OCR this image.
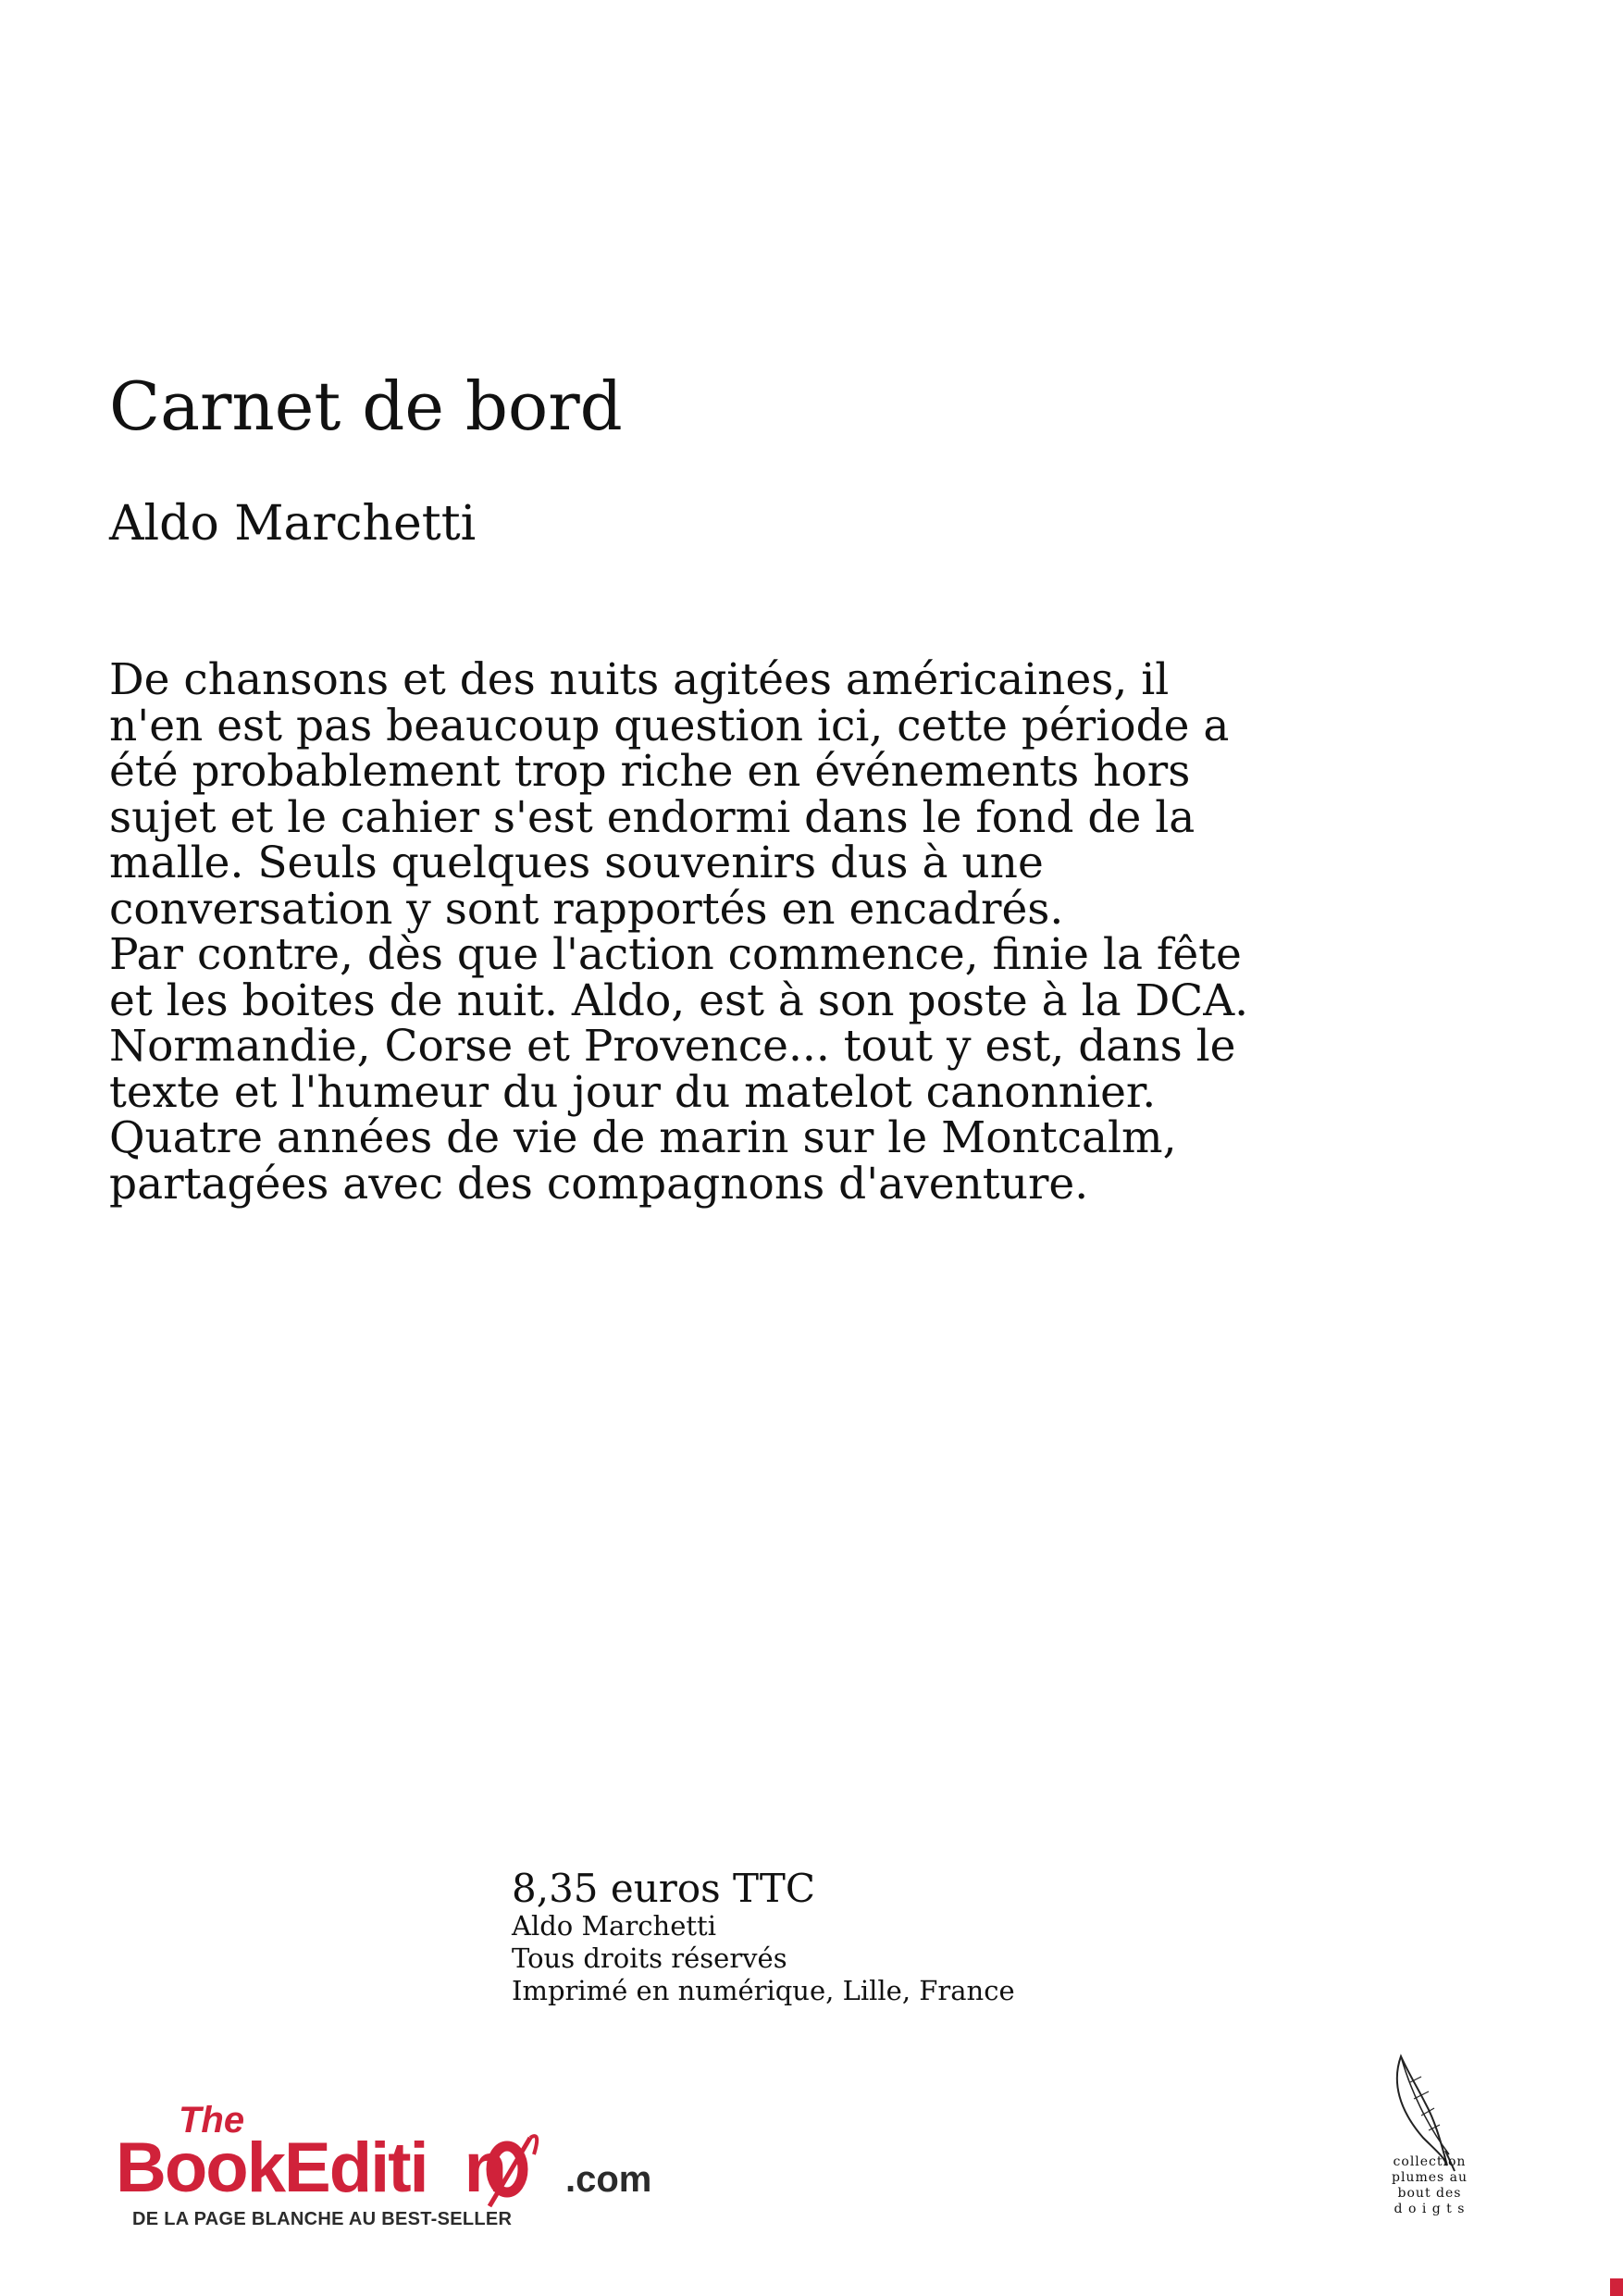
Carnet de bord
Aldo Marchetti

De chansons et des nuits agitées américaines, il n'en est pas beaucoup question ici, cette période a été probablement trop riche en événements hors sujet et le cahier s'est endormi dans le fond de la malle. Seuls quelques souvenirs dus à une conversation y sont rapportés en encadrés.

Par contre, dès que l'action commence, finie la fête et les boites de nuit. Aldo, est à son poste à la DCA.

Normandie, Corse et Provence... tout y est, dans le texte et l'humeur du jour du matelot canonnier.

Quatre années de vie de marin sur le Montcalm, partagées avec des compagnons d'aventure.

8,35 euros TTC
Aldo Marchetti
Tous droits réservés
Imprimé en numérique, Lille, France
The
BookEditi n .com
DE LA PAGE BLANCHE AU BEST-SELLER
collection
plumes au
bout des
d o i g t s
